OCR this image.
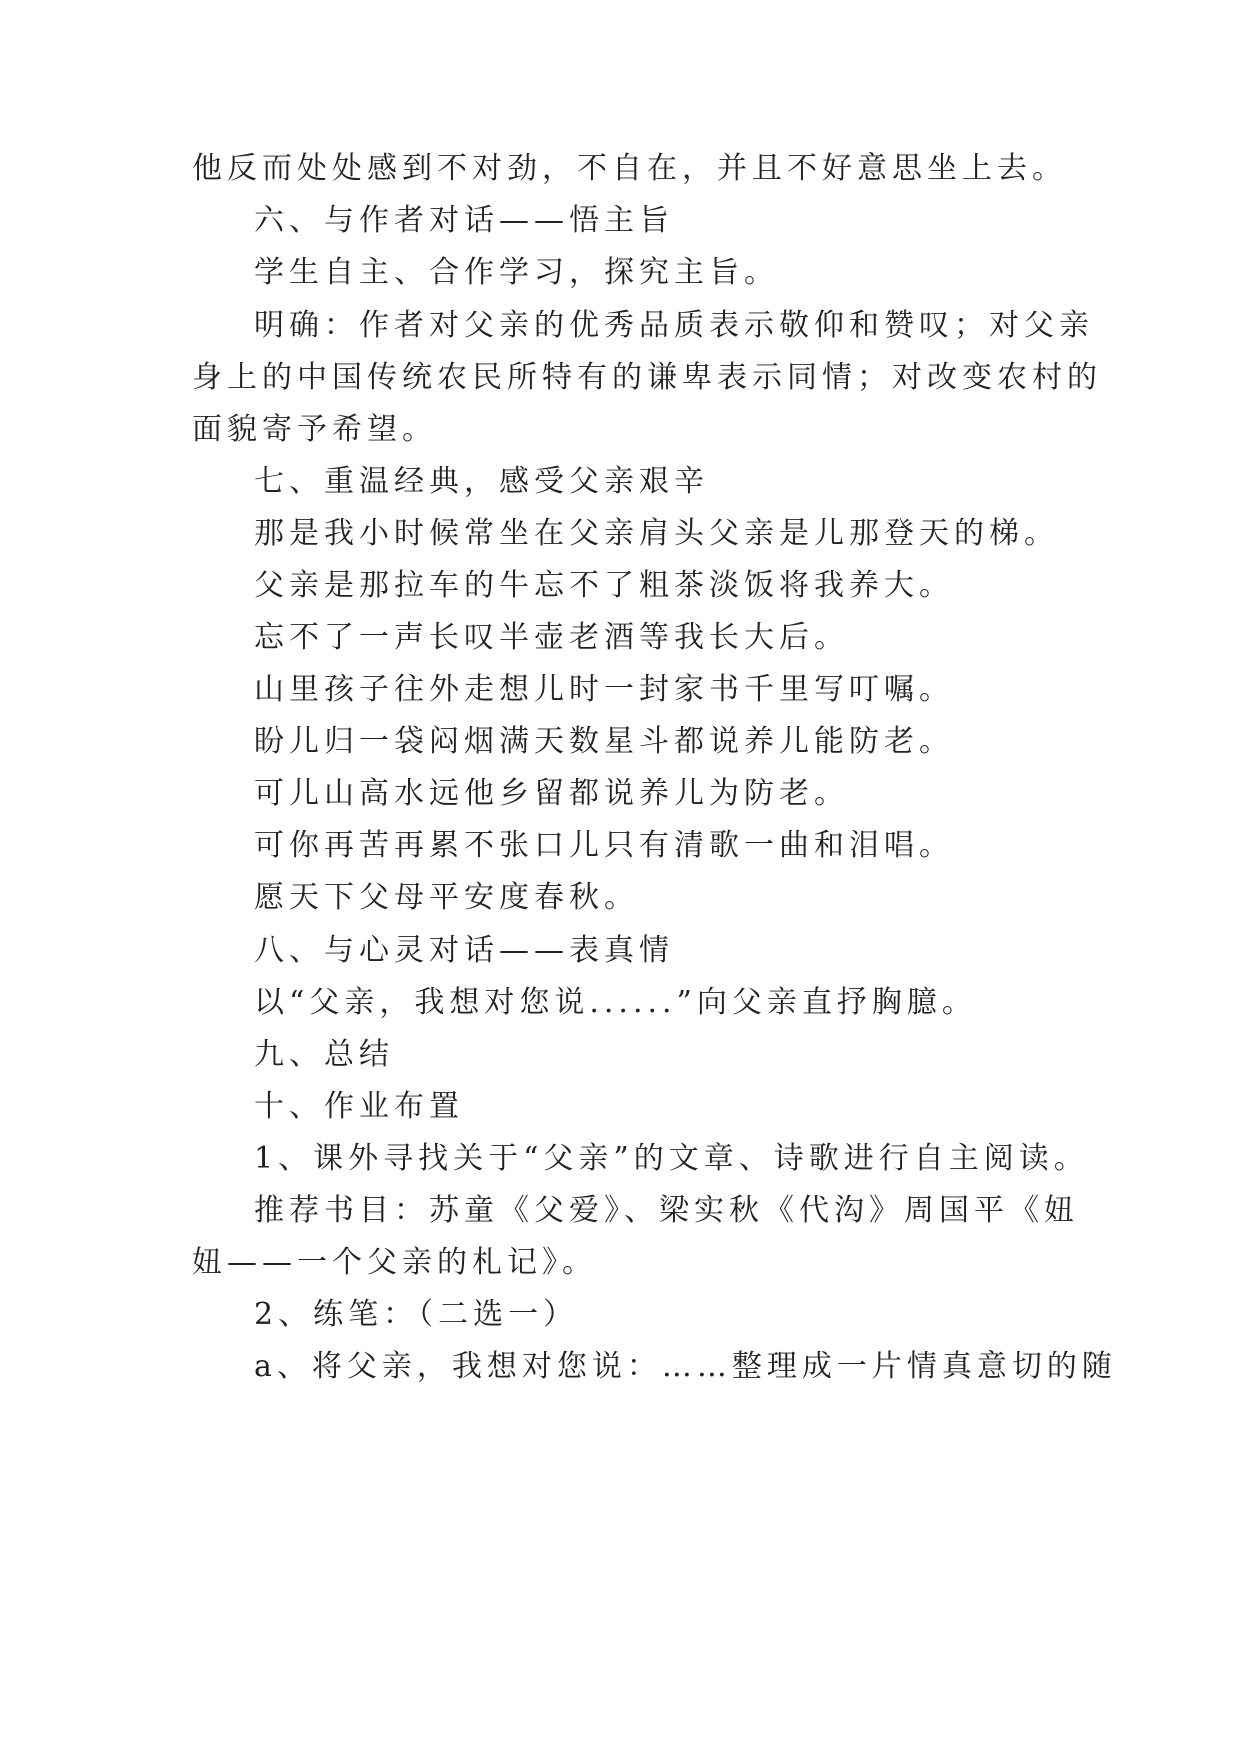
他反而处处感到不对劲，不自在，并且不好意思坐上去。

六、与作者对话——悟主旨

学生自主、合作学习，探究主旨。

明确：作者对父亲的优秀品质表示敬仰和赞叹；对父亲

身上的中国传统农民所特有的谦卑表示同情；对改变农村的

面貌寄予希望。

七、重温经典，感受父亲艰辛

那是我小时候常坐在父亲肩头父亲是儿那登天的梯。

父亲是那拉车的牛忘不了粗茶淡饭将我养大。

忘不了一声长叹半壶老酒等我长大后。

山里孩子往外走想儿时一封家书千里写叮嘱。

盼儿归一袋闷烟满天数星斗都说养儿能防老。

可儿山高水远他乡留都说养儿为防老。

可你再苦再累不张口儿只有清歌一曲和泪唱。

愿天下父母平安度春秋。

八、与心灵对话——表真情

以“父亲，我想对您说......”向父亲直抒胸臆。

九、总结

十、作业布置

1、课外寻找关于“父亲”的文章、诗歌进行自主阅读。

推荐书目：苏童《父爱》、梁实秋《代沟》周国平《妞

妞——一个父亲的札记》。

2、练笔：（二选一）

a、将父亲，我想对您说：……整理成一片情真意切的随
